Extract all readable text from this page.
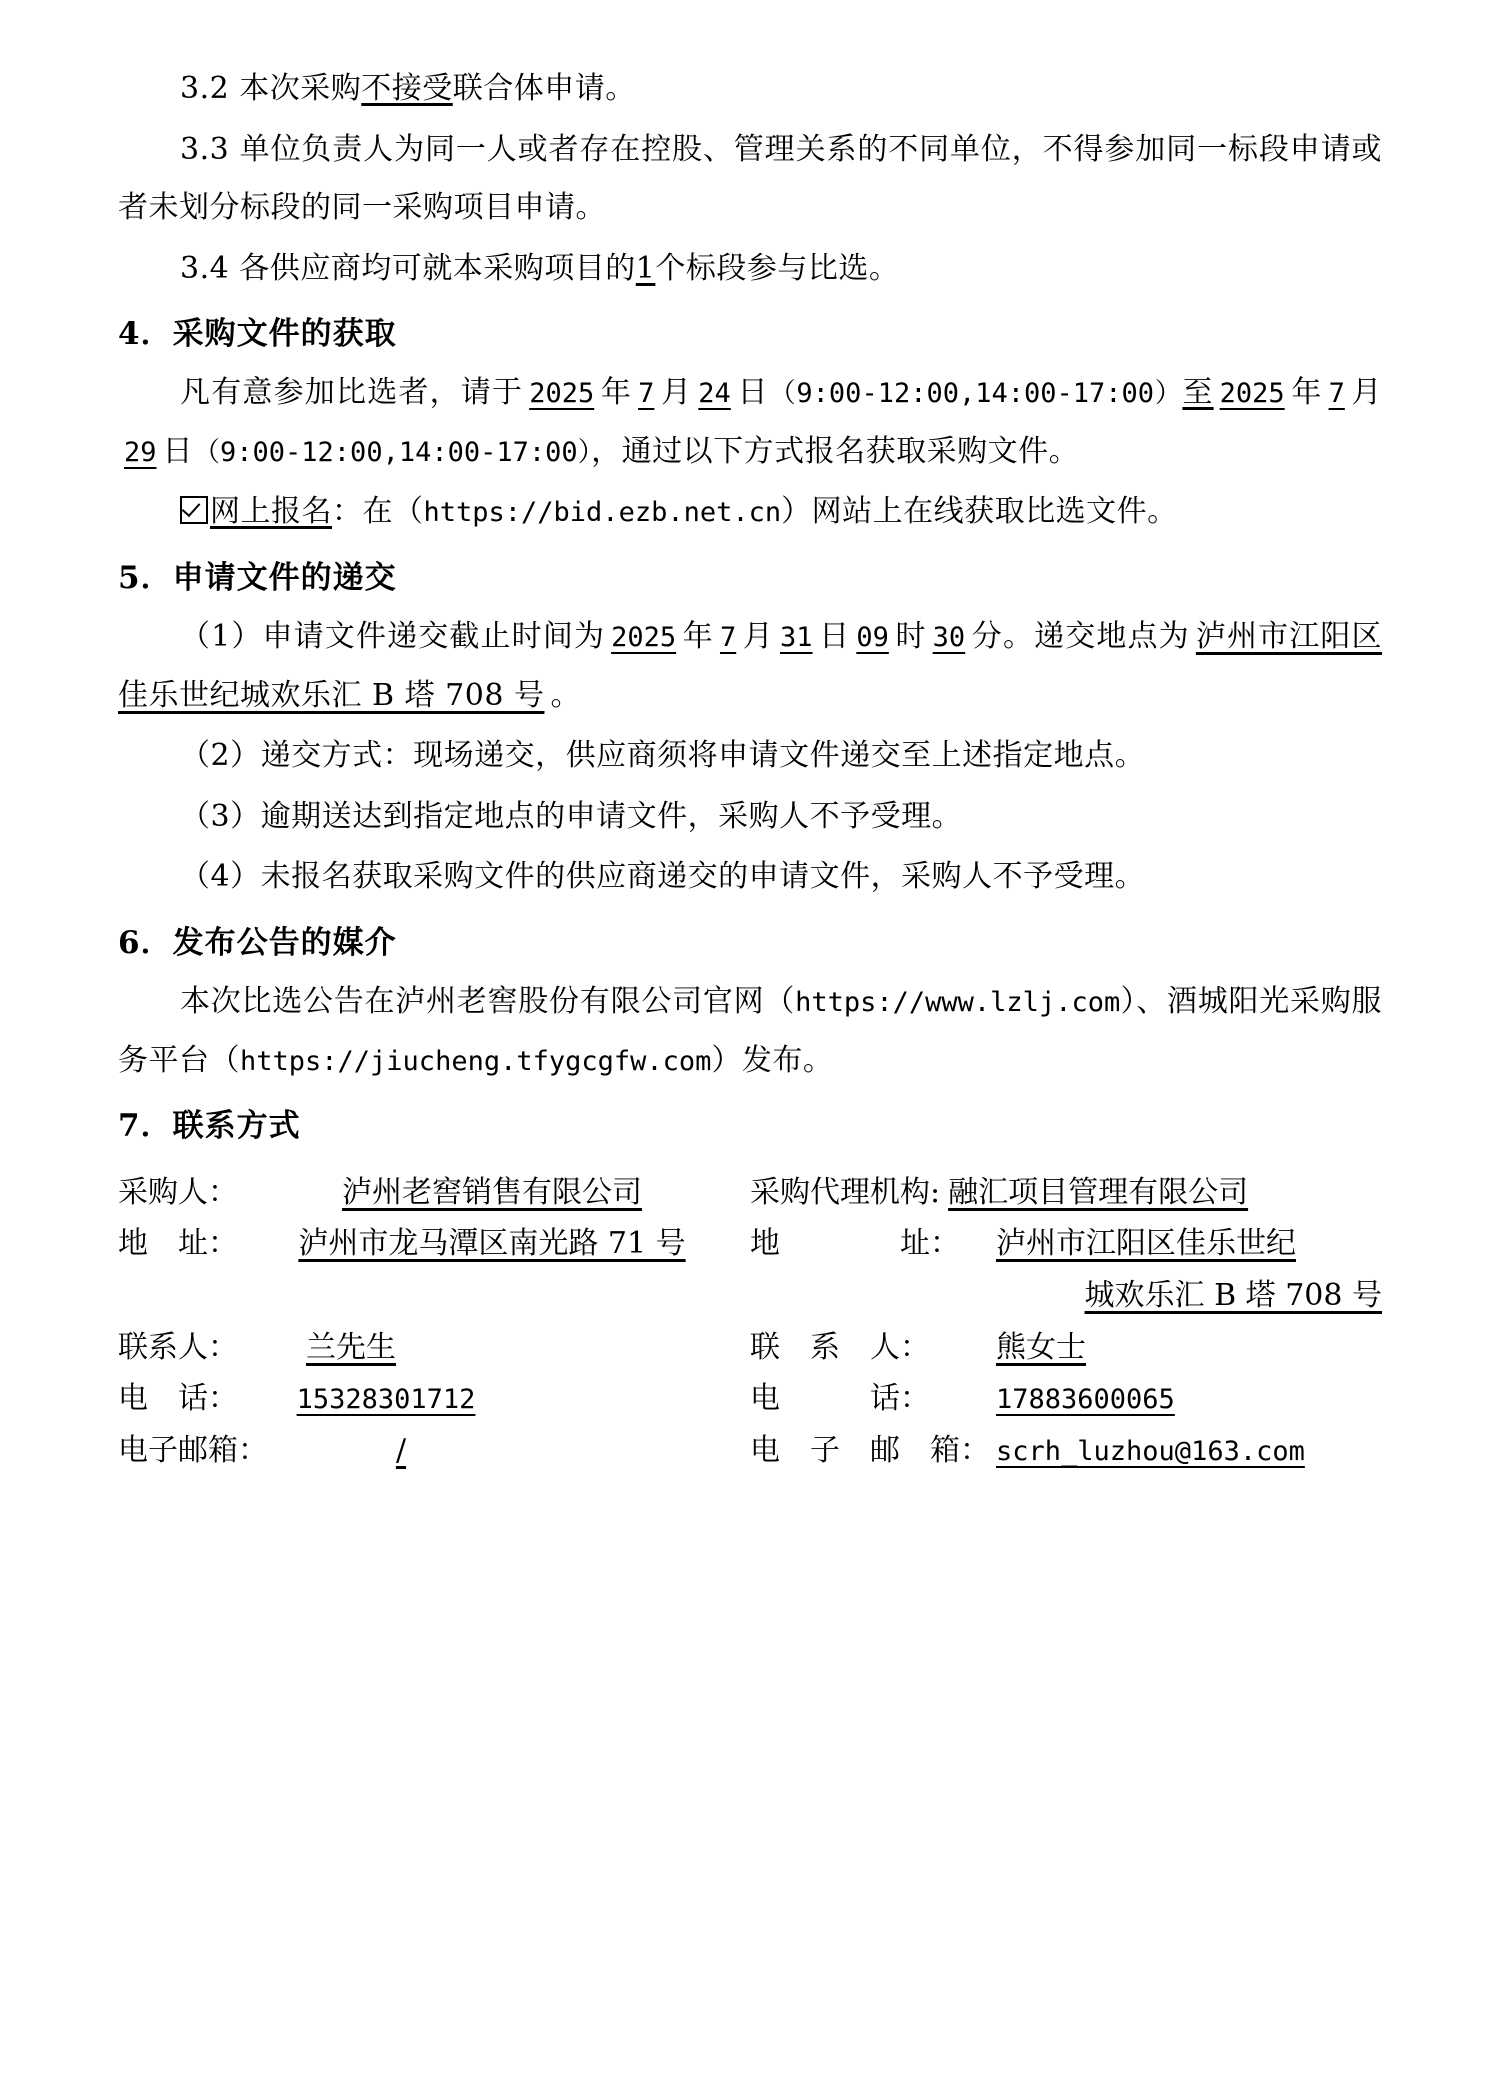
3.2 本次采购不接受联合体申请。

3.3 单位负责人为同一人或者存在控股、管理关系的不同单位，不得参加同一标段申请或者未划分标段的同一采购项目申请。

3.4 各供应商均可就本采购项目的1个标段参与比选。

4．采购文件的获取

凡有意参加比选者，请于 2025 年 7 月 24 日（9:00-12:00,14:00-17:00）至 2025 年 7 月29 日（9:00-12:00,14:00-17:00），通过以下方式报名获取采购文件。

网上报名：在（https://bid.ezb.net.cn）网站上在线获取比选文件。

5．申请文件的递交

（1）申请文件递交截止时间为 2025 年 7 月 31 日 09 时 30 分。递交地点为 泸州市江阳区佳乐世纪城欢乐汇 B 塔 708 号 。

（2）递交方式：现场递交，供应商须将申请文件递交至上述指定地点。

（3）逾期送达到指定地点的申请文件，采购人不予受理。

（4）未报名获取采购文件的供应商递交的申请文件，采购人不予受理。

6．发布公告的媒介

本次比选公告在泸州老窖股份有限公司官网（https://www.lzlj.com）、酒城阳光采购服务平台（https://jiucheng.tfygcgfw.com）发布。

7．联系方式
采购人：	泸州老窖销售有限公司
地　址：	泸州市龙马潭区南光路 71 号
联系人：	兰先生
电　话：	15328301712
电子邮箱：	/
采购代理机构: 融汇项目管理有限公司
地　　　　址：	泸州市江阳区佳乐世纪
城欢乐汇 B 塔 708 号
联　系　人：	熊女士
电　　　话：	17883600065
电　子　邮　箱： scrh_luzhou@163.com
